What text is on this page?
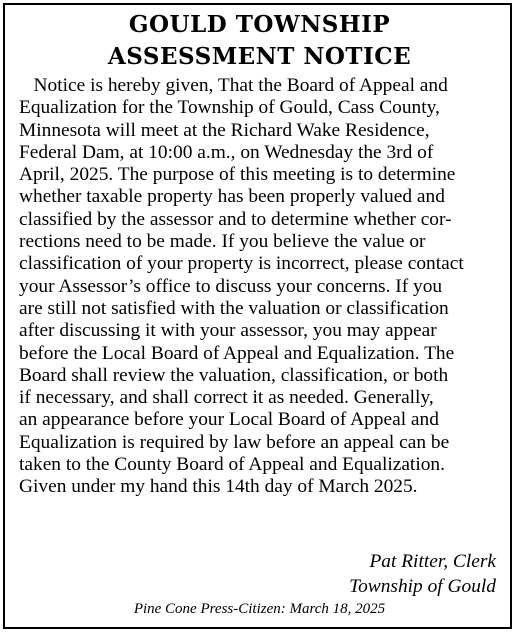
GOULD TOWNSHIP
ASSESSMENT NOTICE

Notice is hereby given, That the Board of Appeal and
Equalization for the Township of Gould, Cass County,
Minnesota will meet at the Richard Wake Residence,
Federal Dam, at 10:00 a.m., on Wednesday the 3rd of
April, 2025. The purpose of this meeting is to determine
whether taxable property has been properly valued and
classified by the assessor and to determine whether cor-
rections need to be made. If you believe the value or
classification of your property is incorrect, please contact
your Assessor’s office to discuss your concerns. If you
are still not satisfied with the valuation or classification
after discussing it with your assessor, you may appear
before the Local Board of Appeal and Equalization. The
Board shall review the valuation, classification, or both
if necessary, and shall correct it as needed. Generally,
an appearance before your Local Board of Appeal and
Equalization is required by law before an appeal can be
taken to the County Board of Appeal and Equalization.
Given under my hand this 14th day of March 2025.

Pat Ritter, Clerk

Township of Gould

Pine Cone Press-Citizen: March 18, 2025
